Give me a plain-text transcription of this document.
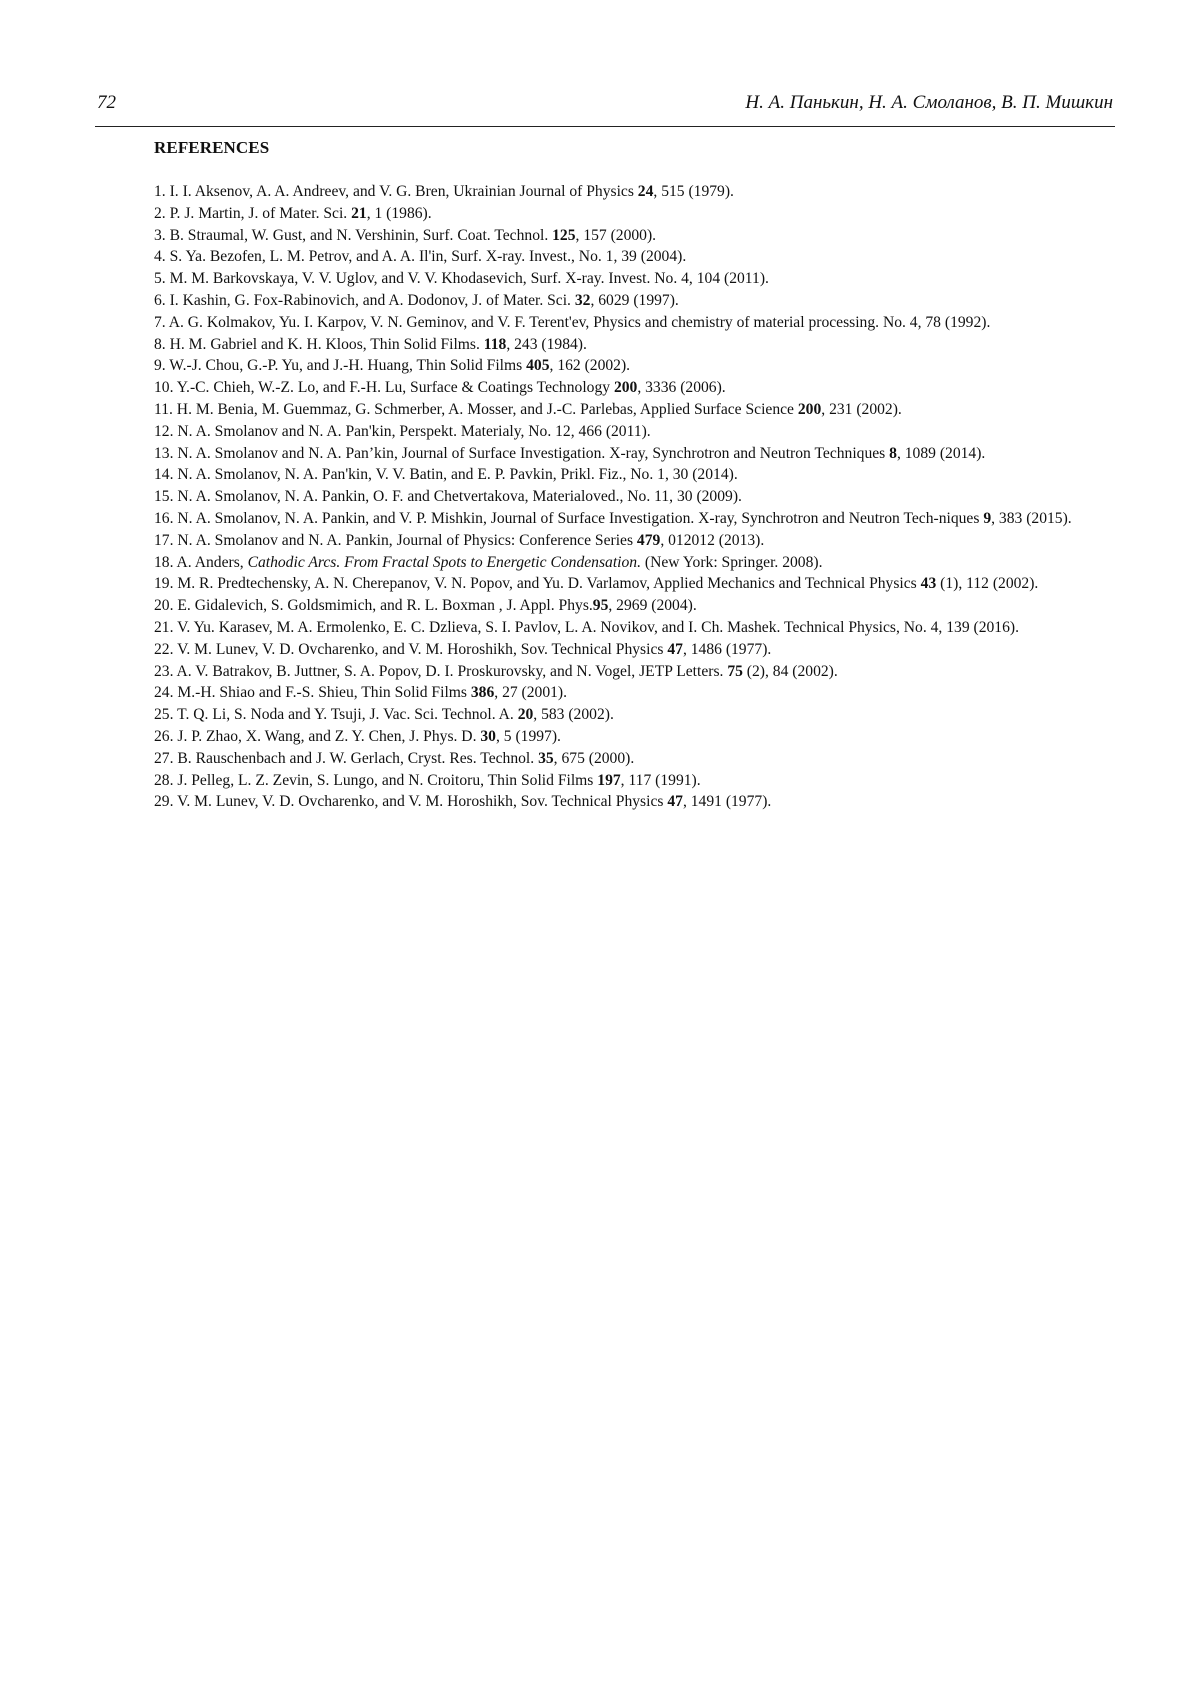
72	Н. А. Панькин, Н. А. Смоланов, В. П. Мишкин
REFERENCES
1. I. I. Aksenov, A. A. Andreev, and V. G. Bren, Ukrainian Journal of Physics 24, 515 (1979).
2. P. J. Martin, J. of Mater. Sci. 21, 1 (1986).
3. B. Straumal, W. Gust, and N. Vershinin, Surf. Coat. Technol. 125, 157 (2000).
4. S. Ya. Bezofen, L. M. Petrov, and A. A. Il'in, Surf. X-ray. Invest., No. 1, 39 (2004).
5. M. M. Barkovskaya, V. V. Uglov, and V. V. Khodasevich, Surf. X-ray. Invest. No. 4, 104 (2011).
6. I. Kashin, G. Fox-Rabinovich, and A. Dodonov, J. of Mater. Sci. 32, 6029 (1997).
7. A. G. Kolmakov, Yu. I. Karpov, V. N. Geminov, and V. F. Terent'ev, Physics and chemistry of material processing. No. 4, 78 (1992).
8. H. M. Gabriel and K. H. Kloos, Thin Solid Films. 118, 243 (1984).
9. W.-J. Chou, G.-P. Yu, and J.-H. Huang, Thin Solid Films 405, 162 (2002).
10. Y.-C. Chieh, W.-Z. Lo, and F.-H. Lu, Surface & Coatings Technology 200, 3336 (2006).
11. H. M. Benia, M. Guemmaz, G. Schmerber, A. Mosser, and J.-C. Parlebas, Applied Surface Science 200, 231 (2002).
12. N. A. Smolanov and N. A. Pan'kin, Perspekt. Materialy, No. 12, 466 (2011).
13. N. A. Smolanov and N. A. Pan’kin, Journal of Surface Investigation. X-ray, Synchrotron and Neutron Techniques 8, 1089 (2014).
14. N. A. Smolanov, N. A. Pan'kin, V. V. Batin, and E. P. Pavkin, Prikl. Fiz., No. 1, 30 (2014).
15. N. A. Smolanov, N. A. Pankin, O. F. and Chetvertakova, Materialoved., No. 11, 30 (2009).
16. N. A. Smolanov, N. A. Pankin, and V. P. Mishkin, Journal of Surface Investigation. X-ray, Synchrotron and Neutron Tech-niques 9, 383 (2015).
17. N. A. Smolanov and N. A. Pankin, Journal of Physics: Conference Series 479, 012012 (2013).
18. A. Anders, Cathodic Arcs. From Fractal Spots to Energetic Condensation. (New York: Springer. 2008).
19. M. R. Predtechensky, A. N. Cherepanov, V. N. Popov, and Yu. D. Varlamov, Applied Mechanics and Technical Physics 43 (1), 112 (2002).
20. E. Gidalevich, S. Goldsmimich, and R. L. Boxman , J. Appl. Phys.95, 2969 (2004).
21. V. Yu. Karasev, M. A. Ermolenko, E. C. Dzlieva, S. I. Pavlov, L. A. Novikov, and I. Ch. Mashek. Technical Physics, No. 4, 139 (2016).
22. V. M. Lunev, V. D. Ovcharenko, and V. M. Horoshikh, Sov. Technical Physics 47, 1486 (1977).
23. A. V. Batrakov, B. Juttner, S. A. Popov, D. I. Proskurovsky, and N. Vogel, JETP Letters. 75 (2), 84 (2002).
24. M.-H. Shiao and F.-S. Shieu, Thin Solid Films 386, 27 (2001).
25. T. Q. Li, S. Noda and Y. Tsuji, J. Vac. Sci. Technol. A. 20, 583 (2002).
26. J. P. Zhao, X. Wang, and Z. Y. Chen, J. Phys. D. 30, 5 (1997).
27. B. Rauschenbach and J. W. Gerlach, Cryst. Res. Technol. 35, 675 (2000).
28. J. Pelleg, L. Z. Zevin, S. Lungo, and N. Croitoru, Thin Solid Films 197, 117 (1991).
29. V. M. Lunev, V. D. Ovcharenko, and V. M. Horoshikh, Sov. Technical Physics 47, 1491 (1977).
